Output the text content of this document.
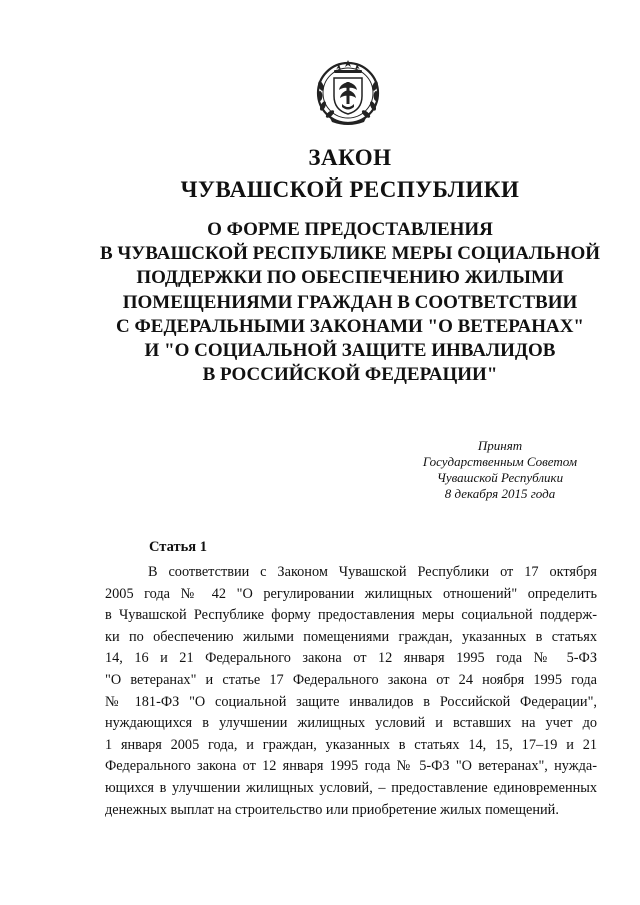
ЗАКОН
ЧУВАШСКОЙ РЕСПУБЛИКИ
О ФОРМЕ ПРЕДОСТАВЛЕНИЯ
В ЧУВАШСКОЙ РЕСПУБЛИКЕ МЕРЫ СОЦИАЛЬНОЙ
ПОДДЕРЖКИ ПО ОБЕСПЕЧЕНИЮ ЖИЛЫМИ
ПОМЕЩЕНИЯМИ ГРАЖДАН В СООТВЕТСТВИИ
С ФЕДЕРАЛЬНЫМИ ЗАКОНАМИ "О ВЕТЕРАНАХ"
И "О СОЦИАЛЬНОЙ ЗАЩИТЕ ИНВАЛИДОВ
В РОССИЙСКОЙ ФЕДЕРАЦИИ"
Принят
Государственным Советом
Чувашской Республики
8 декабря 2015 года
Статья 1
В соответствии с Законом Чувашской Республики от 17 октября
2005 года № 42 "О регулировании жилищных отношений" определить
в Чувашской Республике форму предоставления меры социальной поддерж-
ки по обеспечению жилыми помещениями граждан, указанных в статьях
14, 16 и 21 Федерального закона от 12 января 1995 года № 5-ФЗ
"О ветеранах" и статье 17 Федерального закона от 24 ноября 1995 года
№ 181-ФЗ "О социальной защите инвалидов в Российской Федерации",
нуждающихся в улучшении жилищных условий и вставших на учет до
1 января 2005 года, и граждан, указанных в статьях 14, 15, 17–19 и 21
Федерального закона от 12 января 1995 года № 5-ФЗ "О ветеранах", нужда-
ющихся в улучшении жилищных условий, – предоставление единовременных
денежных выплат на строительство или приобретение жилых помещений.
